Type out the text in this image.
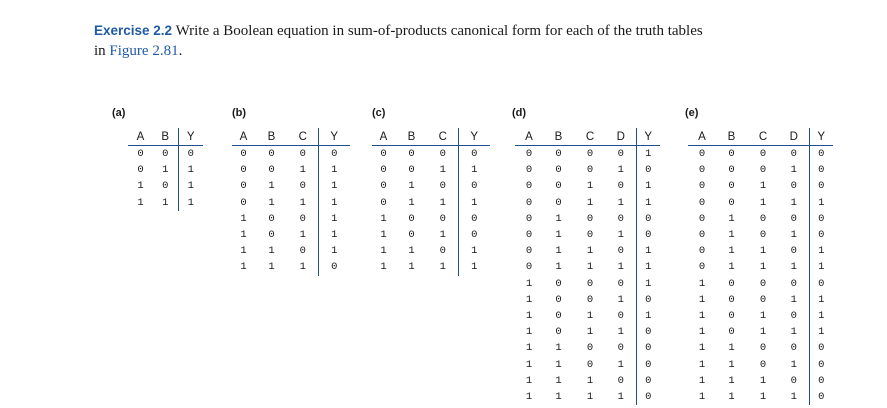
Exercise 2.2 Write a Boolean equation in sum-of-products canonical form for each of the truth tables in Figure 2.81.
(a)
A	B	Y
0	0	0
0	1	1
1	0	1
1	1	1
(b)
A	B	C	Y
0	0	0	0
0	0	1	1
0	1	0	1
0	1	1	1
1	0	0	1
1	0	1	1
1	1	0	1
1	1	1	0
(c)
A	B	C	Y
0	0	0	0
0	0	1	1
0	1	0	0
0	1	1	1
1	0	0	0
1	0	1	0
1	1	0	1
1	1	1	1
(d)
A	B	C	D	Y
0	0	0	0	1
0	0	0	1	0
0	0	1	0	1
0	0	1	1	1
0	1	0	0	0
0	1	0	1	0
0	1	1	0	1
0	1	1	1	1
1	0	0	0	1
1	0	0	1	0
1	0	1	0	1
1	0	1	1	0
1	1	0	0	0
1	1	0	1	0
1	1	1	0	0
1	1	1	1	0
(e)
A	B	C	D	Y
0	0	0	0	0
0	0	0	1	0
0	0	1	0	0
0	0	1	1	1
0	1	0	0	0
0	1	0	1	0
0	1	1	0	1
0	1	1	1	1
1	0	0	0	0
1	0	0	1	1
1	0	1	0	1
1	0	1	1	1
1	1	0	0	0
1	1	0	1	0
1	1	1	0	0
1	1	1	1	0
